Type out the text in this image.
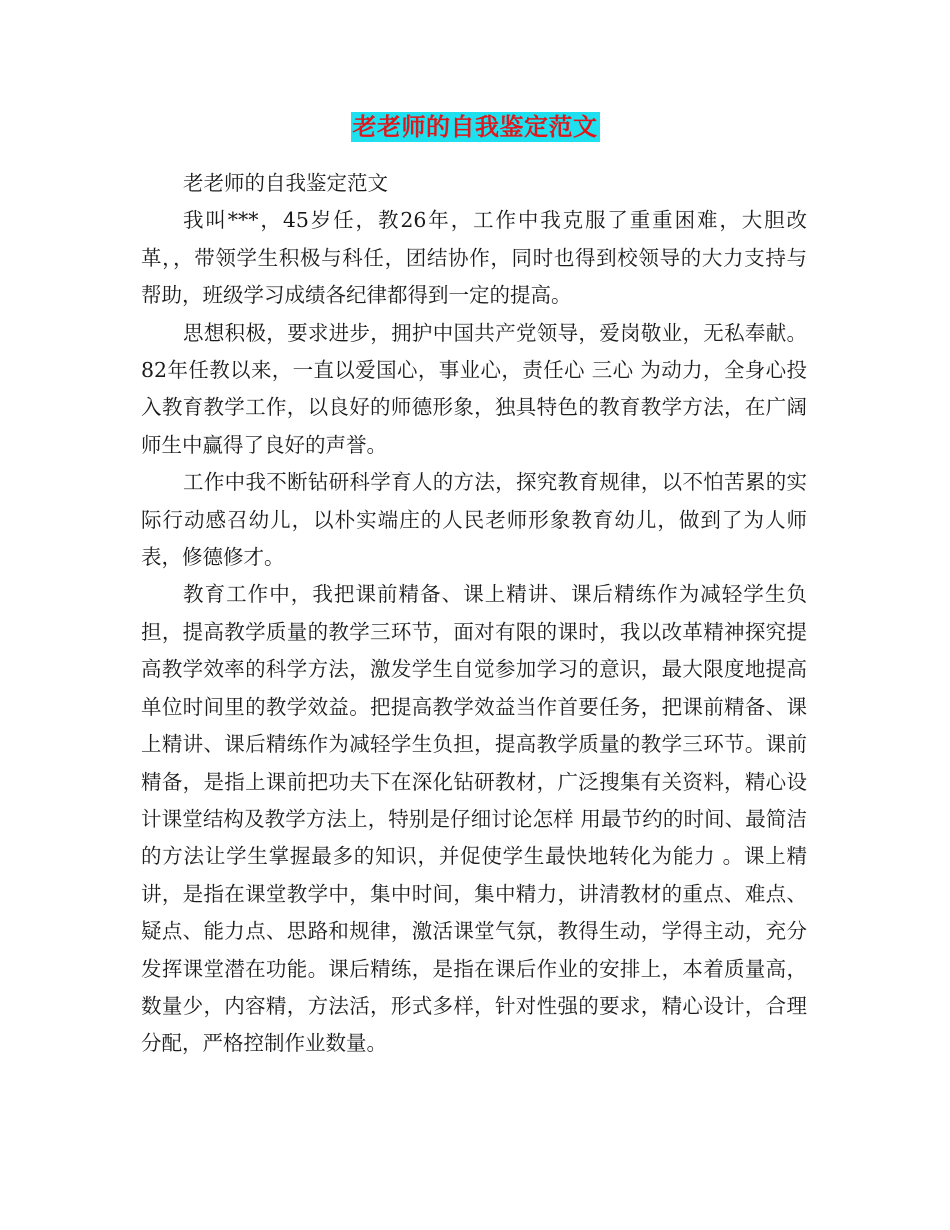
老老师的自我鉴定范文

老老师的自我鉴定范文

我叫***，45岁任，教26年，工作中我克服了重重困难，大胆改革，，带领学生积极与科任，团结协作，同时也得到校领导的大力支持与帮助，班级学习成绩各纪律都得到一定的提高。

思想积极，要求进步，拥护中国共产党领导，爱岗敬业，无私奉献。82年任教以来，一直以爱国心，事业心，责任心 三心 为动力，全身心投入教育教学工作，以良好的师德形象，独具特色的教育教学方法，在广阔师生中赢得了良好的声誉。

工作中我不断钻研科学育人的方法，探究教育规律，以不怕苦累的实际行动感召幼儿，以朴实端庄的人民老师形象教育幼儿，做到了为人师表，修德修才。

教育工作中，我把课前精备、课上精讲、课后精练作为减轻学生负担，提高教学质量的教学三环节，面对有限的课时，我以改革精神探究提高教学效率的科学方法，激发学生自觉参加学习的意识，最大限度地提高单位时间里的教学效益。把提高教学效益当作首要任务，把课前精备、课上精讲、课后精练作为减轻学生负担，提高教学质量的教学三环节。课前精备，是指上课前把功夫下在深化钻研教材，广泛搜集有关资料，精心设计课堂结构及教学方法上，特别是仔细讨论怎样 用最节约的时间、最简洁的方法让学生掌握最多的知识，并促使学生最快地转化为能力 。课上精讲，是指在课堂教学中，集中时间，集中精力，讲清教材的重点、难点、疑点、能力点、思路和规律，激活课堂气氛，教得生动，学得主动，充分发挥课堂潜在功能。课后精练，是指在课后作业的安排上，本着质量高，数量少，内容精，方法活，形式多样，针对性强的要求，精心设计，合理分配，严格控制作业数量。
